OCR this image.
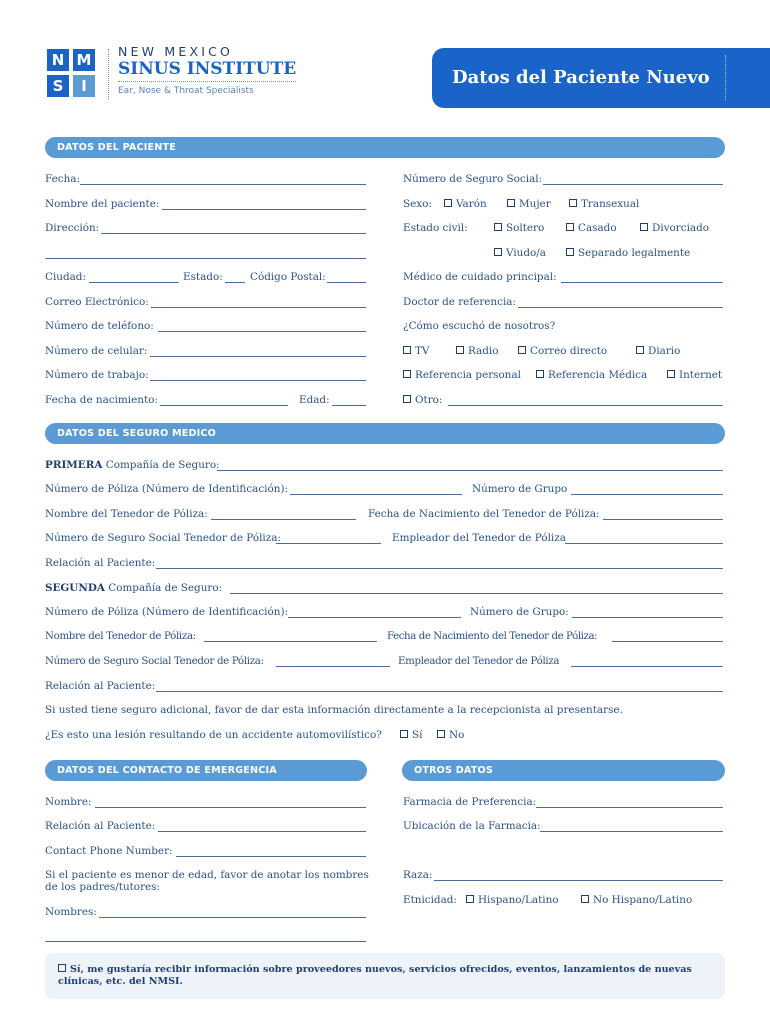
N M
S	I
NEW MEXICO
SINUS INSTITUTE
Ear, Nose & Throat Specialists
Datos del Paciente Nuevo
DATOS DEL PACIENTE
Fecha:
Nombre del paciente:
Dirección:
Ciudad:	Estado:	Código Postal:
Correo Electrónico:
Número de teléfono:
Número de celular:
Número de trabajo:
Fecha de nacimiento:	Edad:
Número de Seguro Social:
Sexo:	Varón	Mujer	Transexual
Estado civil:	Soltero	Casado	Divorciado
Viudo/a	Separado legalmente
Médico de cuidado principal:
Doctor de referencia:
¿Cómo escuchó de nosotros?
TV	Radio	Correo directo	Diario
Referencia personal	Referencia Médica	Internet
Otro:
DATOS DEL SEGURO MEDICO
PRIMERA Compañía de Seguro:
Número de Póliza (Número de Identificación):	Número de Grupo
Nombre del Tenedor de Póliza:	Fecha de Nacimiento del Tenedor de Póliza:
Número de Seguro Social Tenedor de Póliza:	Empleador del Tenedor de Póliza
Relación al Paciente:
SEGUNDA Compañía de Seguro:
Número de Póliza (Número de Identificación):	Número de Grupo:
Nombre del Tenedor de Póliza:	Fecha de Nacimiento del Tenedor de Póliza:
Número de Seguro Social Tenedor de Póliza:	Empleador del Tenedor de Póliza
Relación al Paciente:
Si usted tiene seguro adicional, favor de dar esta información directamente a la recepcionista al presentarse.
¿Es esto una lesión resultando de un accidente automovilístico?	Sí	No
DATOS DEL CONTACTO DE EMERGENCIA	OTROS DATOS
Nombre:
Relación al Paciente:
Contact Phone Number:
Si el paciente es menor de edad, favor de anotar los nombres
de los padres/tutores:
Nombres:
Farmacia de Preferencia:
Ubicación de la Farmacia:
Raza:
Etnicidad:	Hispano/Latino	No Hispano/Latino
Sí, me gustaría recibir información sobre proveedores nuevos, servicios ofrecidos, eventos, lanzamientos de nuevas clínicas, etc. del NMSI.
